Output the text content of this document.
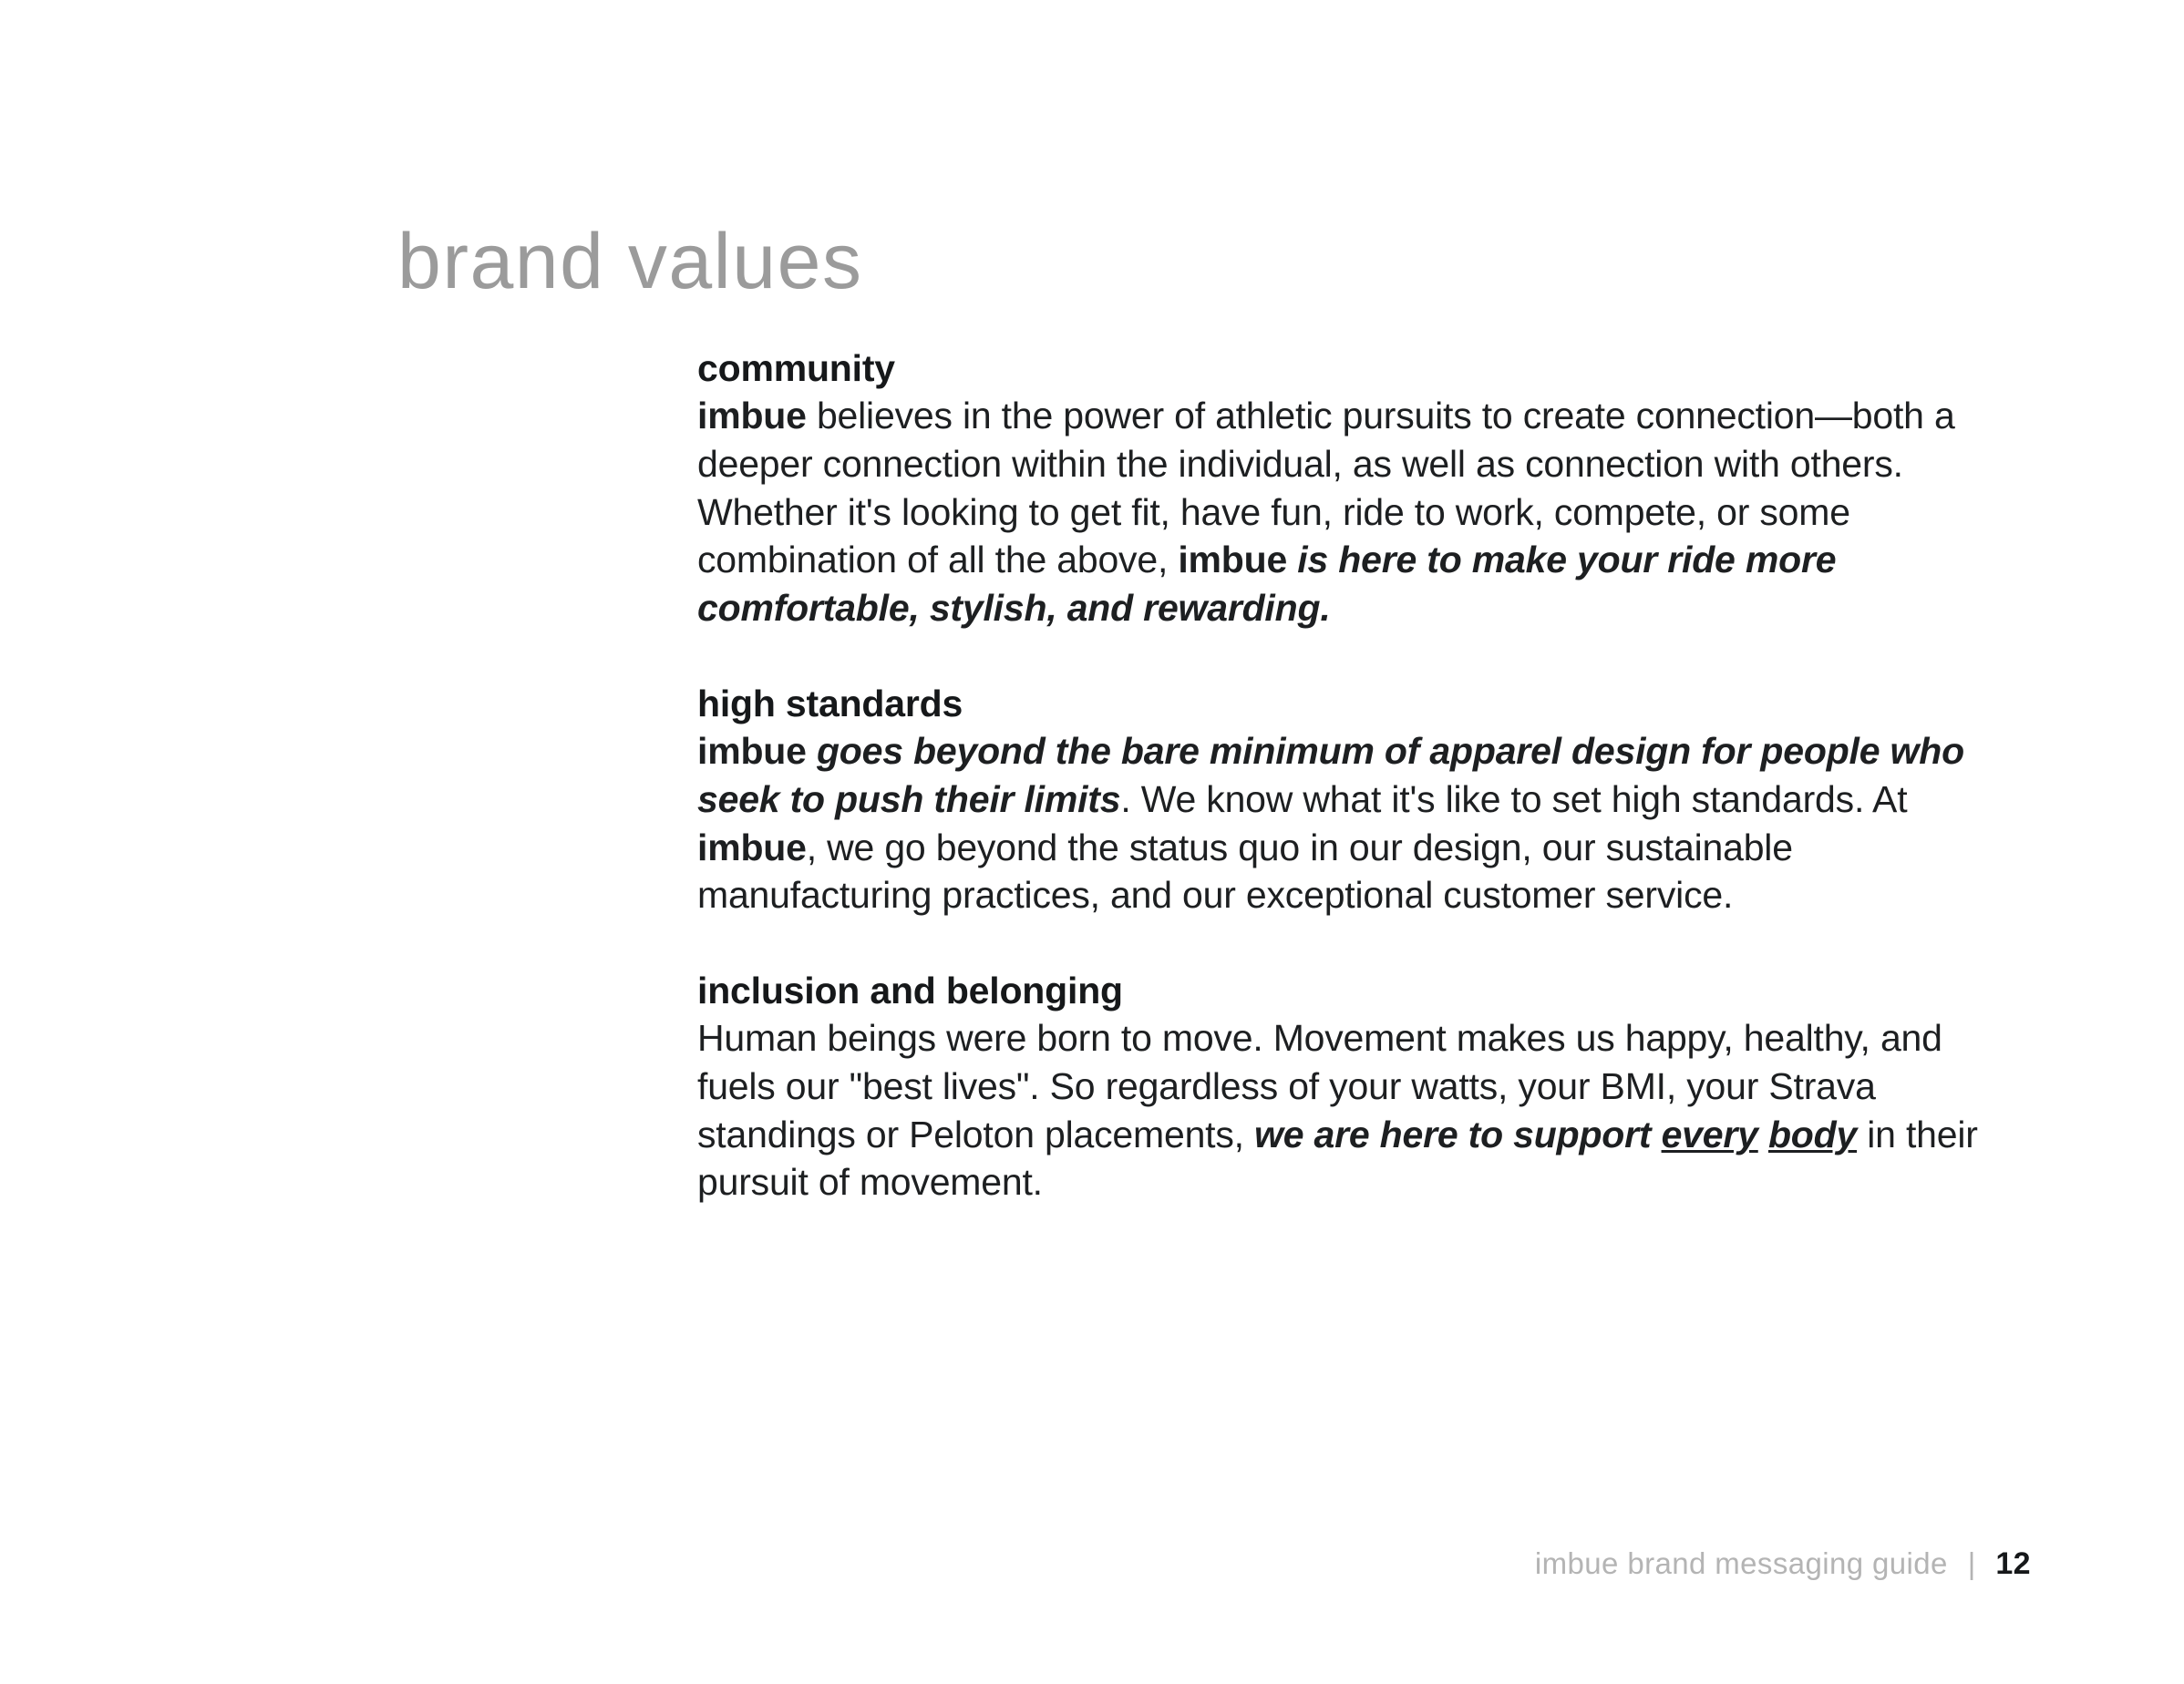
brand values
community

imbue believes in the power of athletic pursuits to create connection—both a deeper connection within the individual, as well as connection with others. Whether it's looking to get fit, have fun, ride to work, compete, or some combination of all the above, imbue is here to make your ride more comfortable, stylish, and rewarding.

high standards

imbue goes beyond the bare minimum of apparel design for people who seek to push their limits. We know what it's like to set high standards. At imbue, we go beyond the status quo in our design, our sustainable manufacturing practices, and our exceptional customer service.

inclusion and belonging

Human beings were born to move. Movement makes us happy, healthy, and fuels our "best lives". So regardless of your watts, your BMI, your Strava standings or Peloton placements, we are here to support every body in their pursuit of movement.

imbue brand messaging guide | 12
